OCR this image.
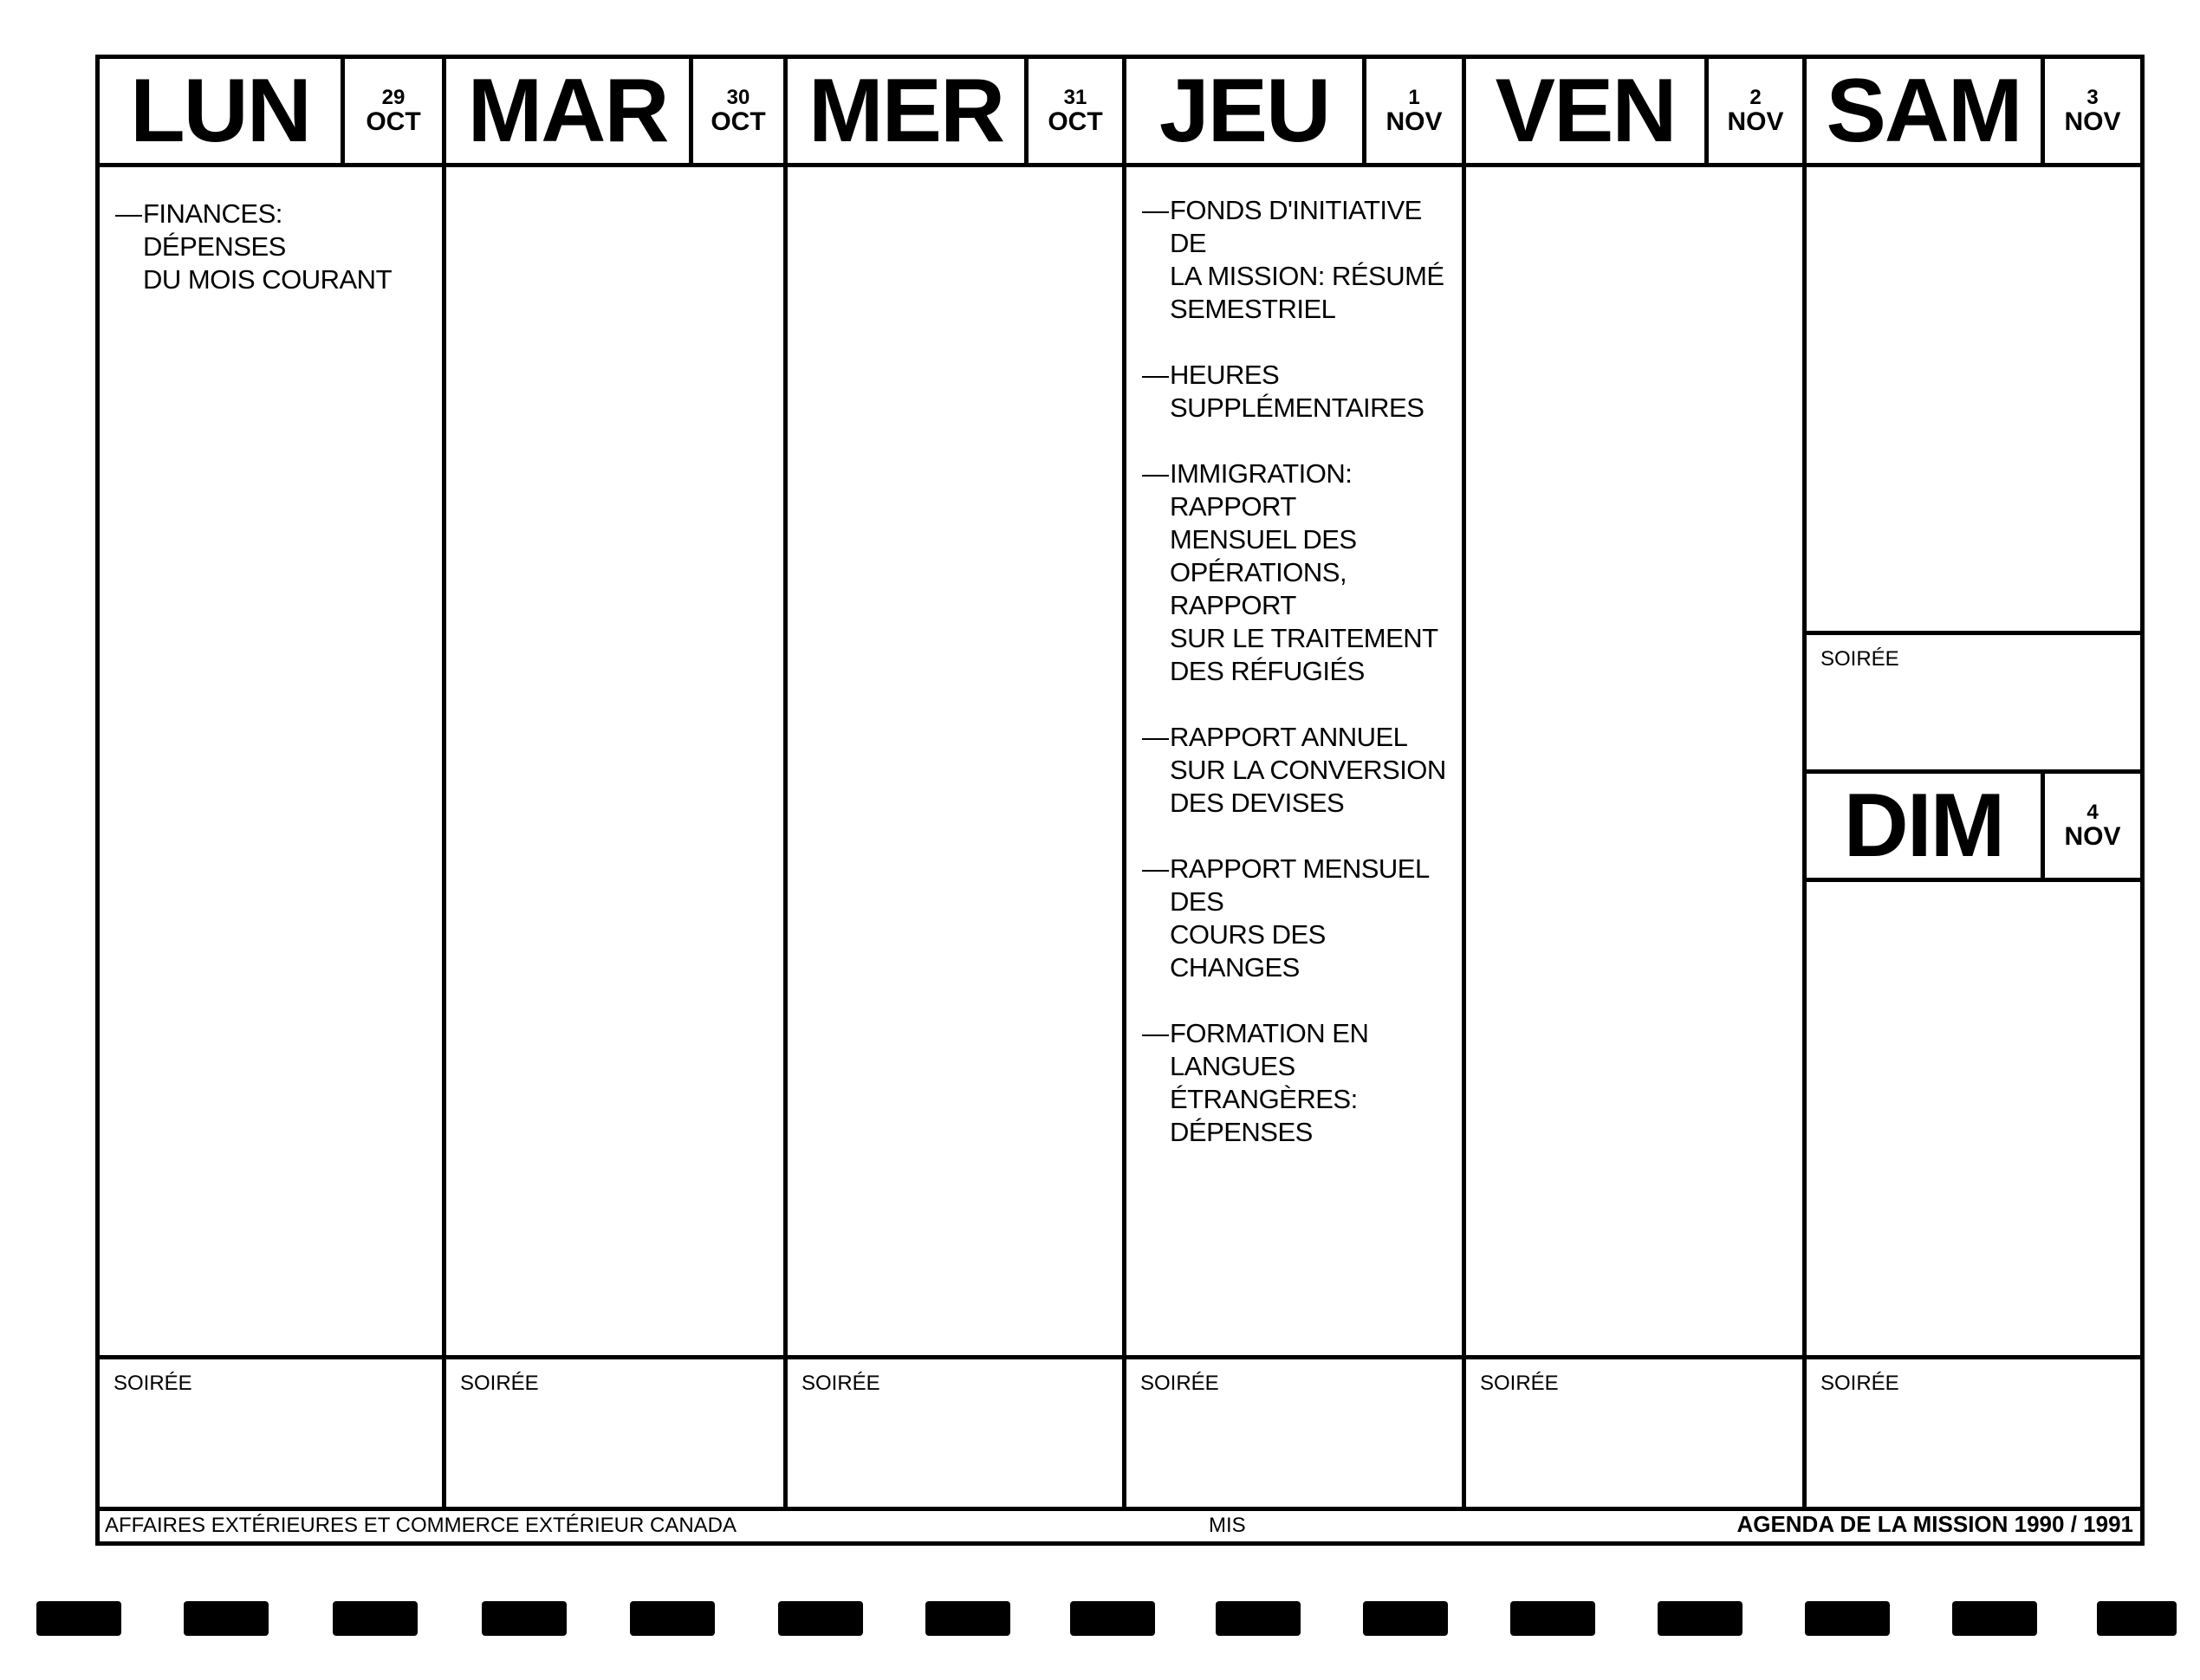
LUN	29
OCT
— FINANCES: DÉPENSES
DU MOIS COURANT
SOIRÉE
MAR	30
OCT
SOIRÉE
MER	31
OCT
SOIRÉE
JEU	1
NOV
— FONDS D'INITIATIVE DE
LA MISSION: RÉSUMÉ
SEMESTRIEL
— HEURES
SUPPLÉMENTAIRES
— IMMIGRATION: RAPPORT
MENSUEL DES
OPÉRATIONS, RAPPORT
SUR LE TRAITEMENT
DES RÉFUGIÉS
— RAPPORT ANNUEL
SUR LA CONVERSION
DES DEVISES
— RAPPORT MENSUEL DES
COURS DES CHANGES
— FORMATION EN
LANGUES ÉTRANGÈRES:
DÉPENSES
SOIRÉE
VEN	2
NOV
SOIRÉE
SAM	3
NOV
SOIRÉE
DIM	4
NOV
SOIRÉE
AFFAIRES EXTÉRIEURES ET COMMERCE EXTÉRIEUR CANADA	MIS	AGENDA DE LA MISSION 1990 / 1991
